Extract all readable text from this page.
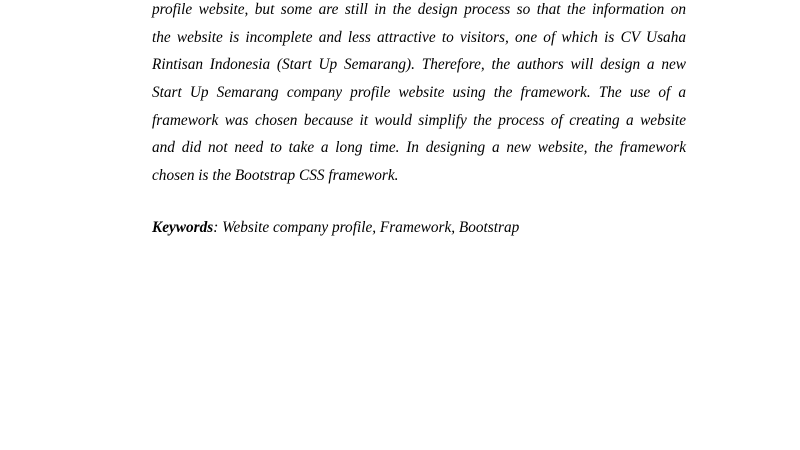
profile website, but some are still in the design process so that the information on
the website is incomplete and less attractive to visitors, one of which is CV Usaha
Rintisan Indonesia (Start Up Semarang). Therefore, the authors will design a new
Start Up Semarang company profile website using the framework. The use of a
framework was chosen because it would simplify the process of creating a website
and did not need to take a long time. In designing a new website, the framework
chosen is the Bootstrap CSS framework.
Keywords: Website company profile, Framework, Bootstrap
